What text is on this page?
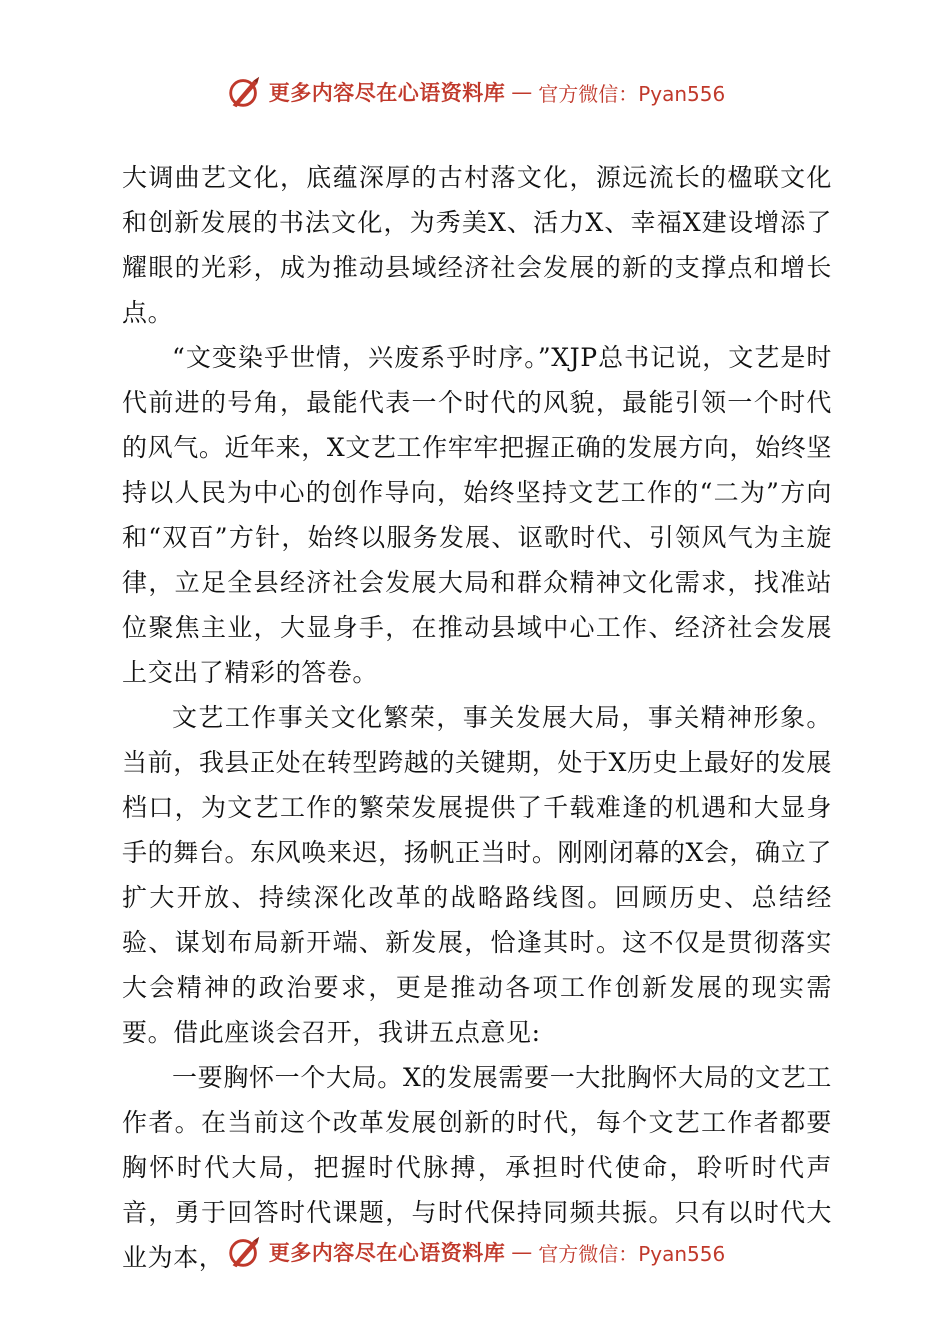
更多内容尽在心语资料库 — 官方微信：Pyan556

大调曲艺文化，底蕴深厚的古村落文化，源远流长的楹联文化和创新发展的书法文化，为秀美X、活力X、幸福X建设增添了耀眼的光彩，成为推动县域经济社会发展的新的支撑点和增长点。

“文变染乎世情，兴废系乎时序。”XJP总书记说，文艺是时代前进的号角，最能代表一个时代的风貌，最能引领一个时代的风气。近年来，X文艺工作牢牢把握正确的发展方向，始终坚持以人民为中心的创作导向，始终坚持文艺工作的“二为”方向和“双百”方针，始终以服务发展、讴歌时代、引领风气为主旋律，立足全县经济社会发展大局和群众精神文化需求，找准站位聚焦主业，大显身手，在推动县域中心工作、经济社会发展上交出了精彩的答卷。

文艺工作事关文化繁荣，事关发展大局，事关精神形象。当前，我县正处在转型跨越的关键期，处于X历史上最好的发展档口，为文艺工作的繁荣发展提供了千载难逢的机遇和大显身手的舞台。东风唤来迟，扬帆正当时。刚刚闭幕的X会，确立了扩大开放、持续深化改革的战略路线图。回顾历史、总结经验、谋划布局新开端、新发展，恰逢其时。这不仅是贯彻落实大会精神的政治要求，更是推动各项工作创新发展的现实需要。借此座谈会召开，我讲五点意见:

一要胸怀一个大局。X的发展需要一大批胸怀大局的文艺工作者。在当前这个改革发展创新的时代，每个文艺工作者都要胸怀时代大局，把握时代脉搏，承担时代使命，聆听时代声音，勇于回答时代课题，与时代保持同频共振。只有以时代大业为本，	更多内容尽在心语资料库 — 官方微信：Pyan556
